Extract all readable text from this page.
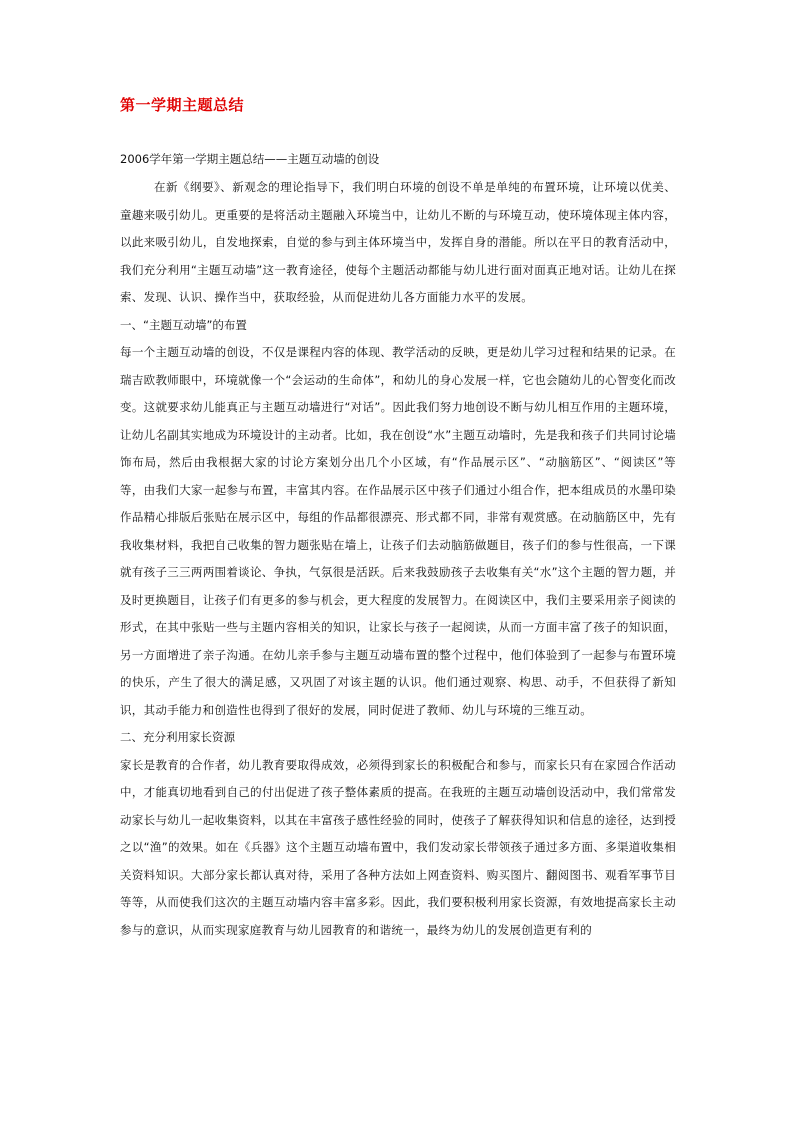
第一学期主题总结

2006学年第一学期主题总结——主题互动墙的创设

在新《纲要》、新观念的理论指导下，我们明白环境的创设不单是单纯的布置环境，让环境以优美、童趣来吸引幼儿。更重要的是将活动主题融入环境当中，让幼儿不断的与环境互动，使环境体现主体内容，以此来吸引幼儿，自发地探索，自觉的参与到主体环境当中，发挥自身的潜能。所以在平日的教育活动中，我们充分利用“主题互动墙”这一教育途径，使每个主题活动都能与幼儿进行面对面真正地对话。让幼儿在探索、发现、认识、操作当中，获取经验，从而促进幼儿各方面能力水平的发展。

一、“主题互动墙”的布置

每一个主题互动墙的创设，不仅是课程内容的体现、教学活动的反映，更是幼儿学习过程和结果的记录。在瑞吉欧教师眼中，环境就像一个“会运动的生命体”，和幼儿的身心发展一样，它也会随幼儿的心智变化而改变。这就要求幼儿能真正与主题互动墙进行“对话”。因此我们努力地创设不断与幼儿相互作用的主题环境，让幼儿名副其实地成为环境设计的主动者。比如，我在创设“水”主题互动墙时，先是我和孩子们共同讨论墙饰布局，然后由我根据大家的讨论方案划分出几个小区域，有“作品展示区”、“动脑筋区”、“阅读区”等等，由我们大家一起参与布置，丰富其内容。在作品展示区中孩子们通过小组合作，把本组成员的水墨印染作品精心排版后张贴在展示区中，每组的作品都很漂亮、形式都不同，非常有观赏感。在动脑筋区中，先有我收集材料，我把自己收集的智力题张贴在墙上，让孩子们去动脑筋做题目，孩子们的参与性很高，一下课就有孩子三三两两围着谈论、争执，气氛很是活跃。后来我鼓励孩子去收集有关“水”这个主题的智力题，并及时更换题目，让孩子们有更多的参与机会，更大程度的发展智力。在阅读区中，我们主要采用亲子阅读的形式，在其中张贴一些与主题内容相关的知识，让家长与孩子一起阅读，从而一方面丰富了孩子的知识面，另一方面增进了亲子沟通。在幼儿亲手参与主题互动墙布置的整个过程中，他们体验到了一起参与布置环境的快乐，产生了很大的满足感，又巩固了对该主题的认识。他们通过观察、构思、动手，不但获得了新知识，其动手能力和创造性也得到了很好的发展，同时促进了教师、幼儿与环境的三维互动。

二、充分利用家长资源

家长是教育的合作者，幼儿教育要取得成效，必须得到家长的积极配合和参与，而家长只有在家园合作活动中，才能真切地看到自己的付出促进了孩子整体素质的提高。在我班的主题互动墙创设活动中，我们常常发动家长与幼儿一起收集资料，以其在丰富孩子感性经验的同时，使孩子了解获得知识和信息的途径，达到授之以“渔”的效果。如在《兵器》这个主题互动墙布置中，我们发动家长带领孩子通过多方面、多渠道收集相关资料知识。大部分家长都认真对待，采用了各种方法如上网查资料、购买图片、翻阅图书、观看军事节目等等，从而使我们这次的主题互动墙内容丰富多彩。因此，我们要积极利用家长资源，有效地提高家长主动参与的意识，从而实现家庭教育与幼儿园教育的和谐统一，最终为幼儿的发展创造更有利的
